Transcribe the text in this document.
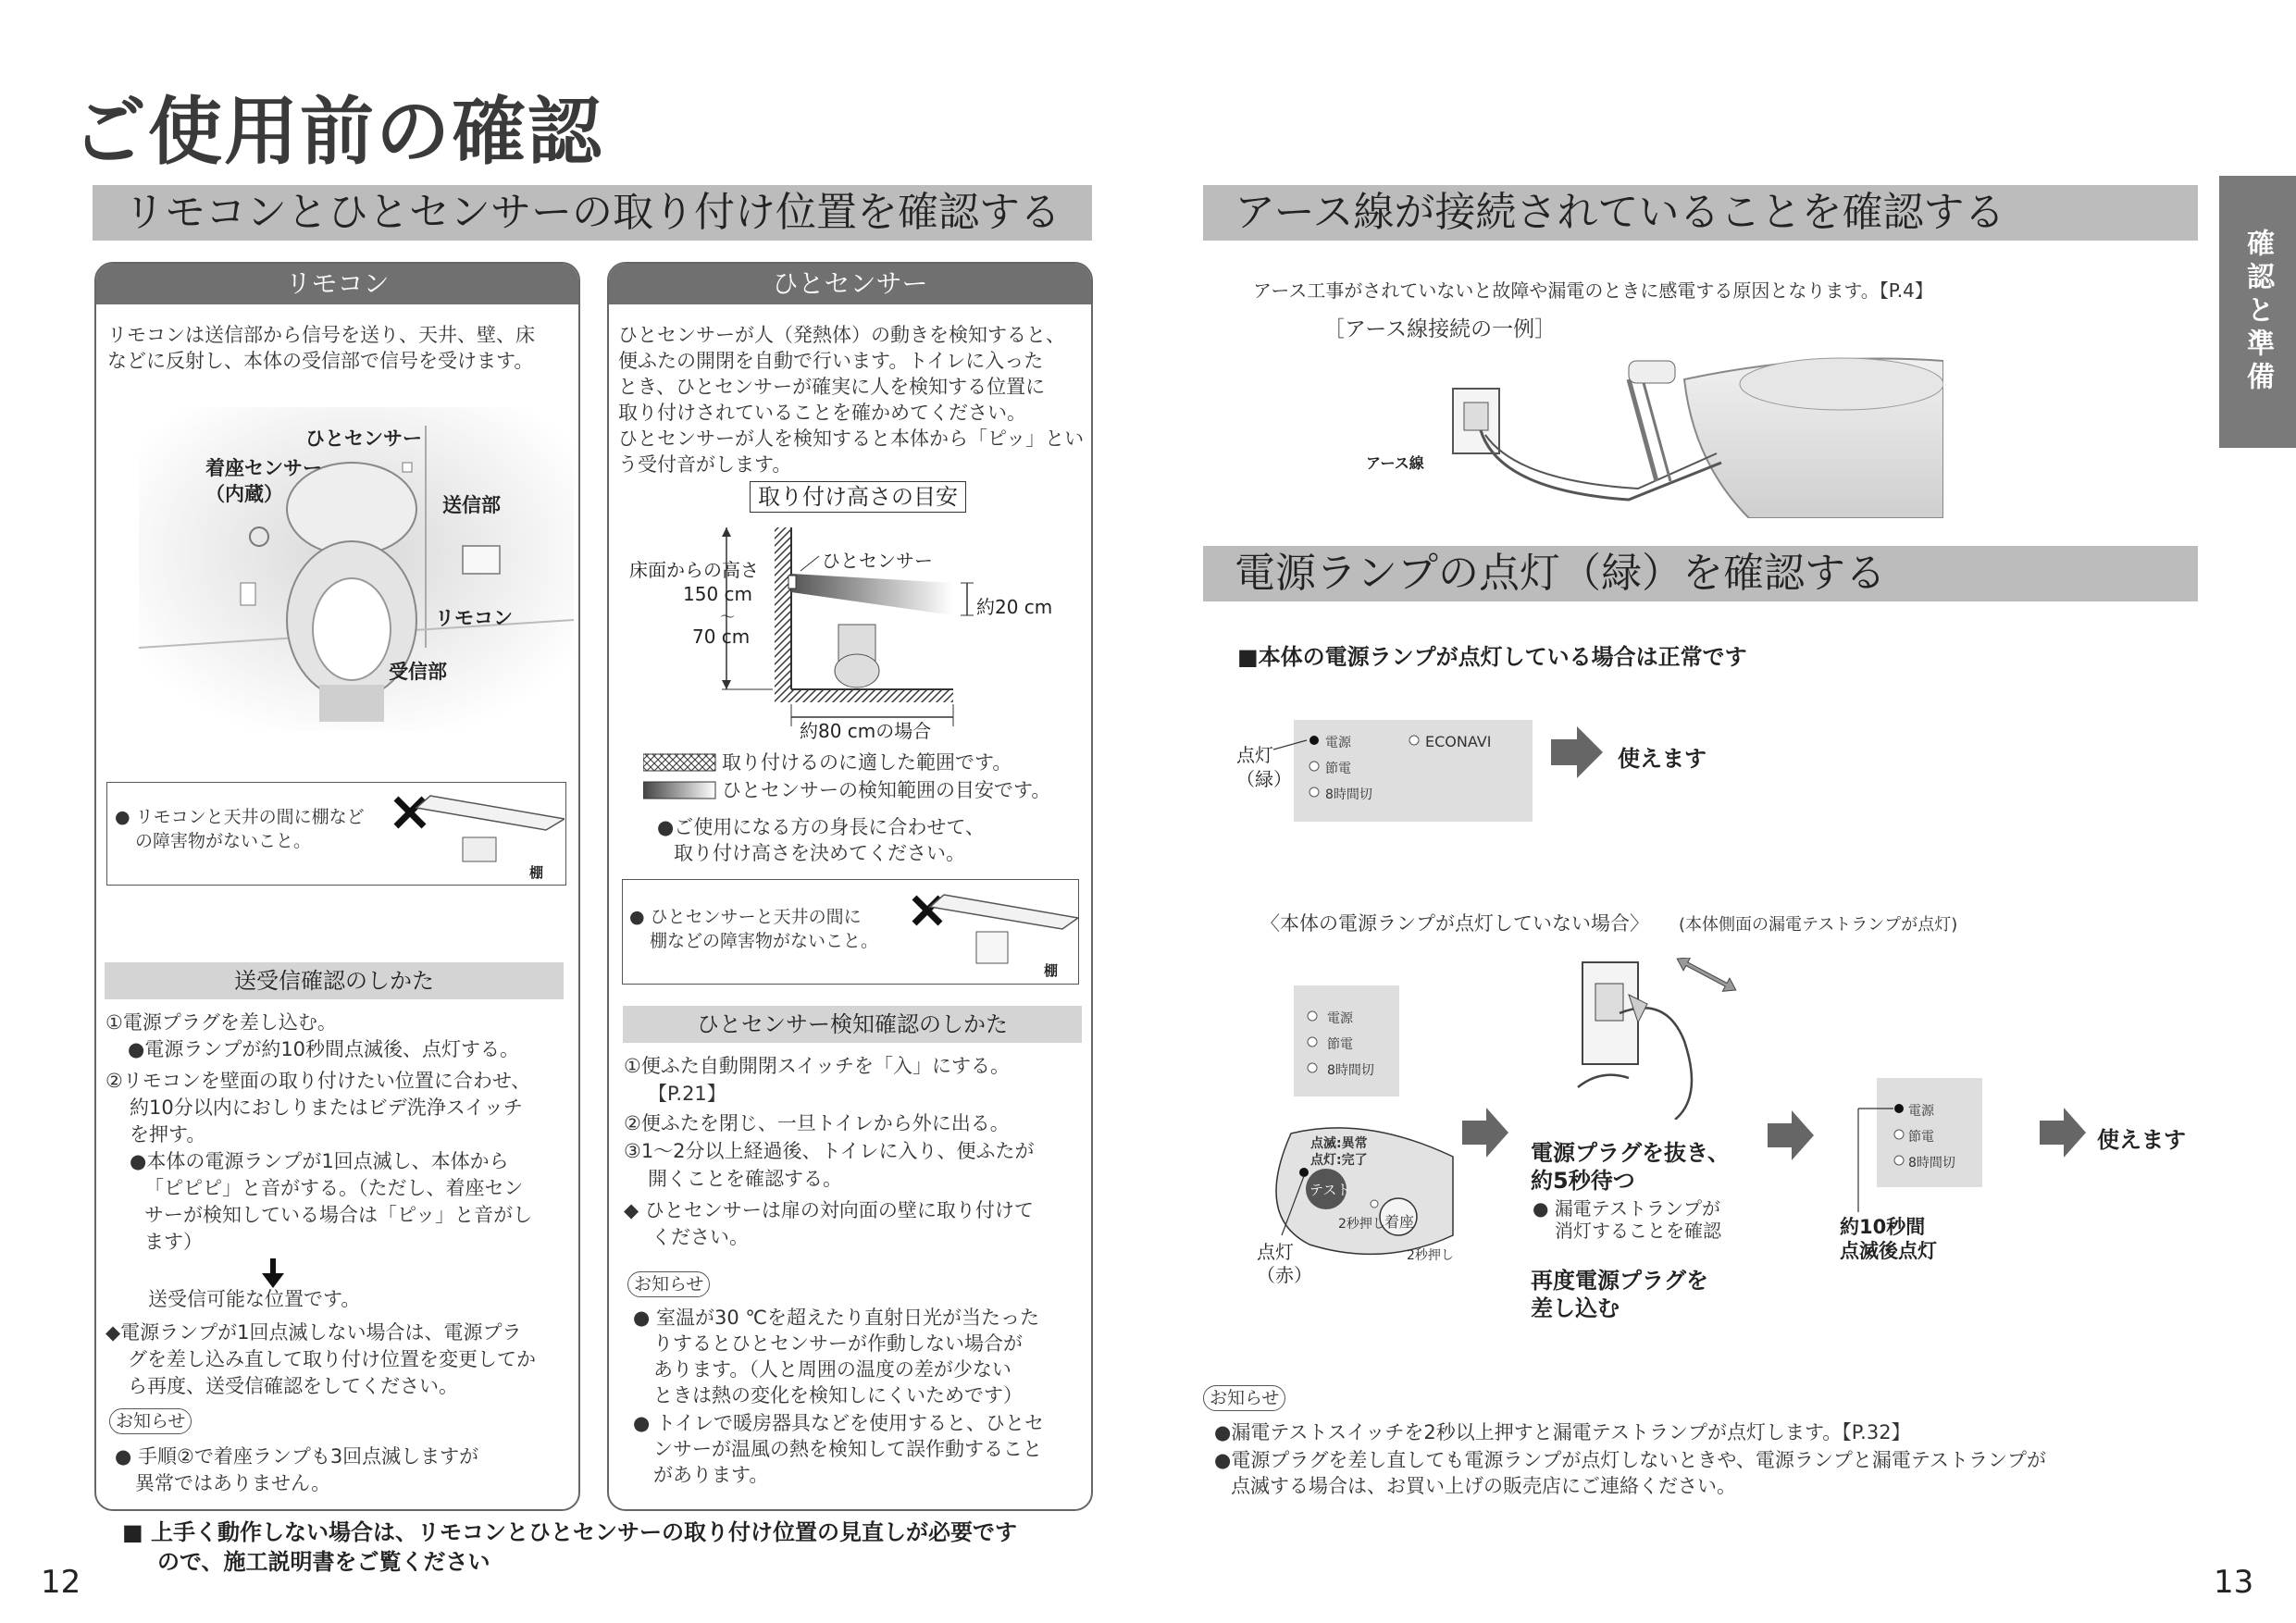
ご使用前の確認
確認と準備
リモコンとひとセンサーの取り付け位置を確認する
リモコン
リモコンは送信部から信号を送り、天井、壁、床
などに反射し、本体の受信部で信号を受けます。
ひとセンサー
着座センサー
（内蔵）	送信部
リモコン
受信部
● リモコンと天井の間に棚など
の障害物がないこと。
棚
送受信確認のしかた
①電源プラグを差し込む。
●電源ランプが約10秒間点滅後、点灯する。
②リモコンを壁面の取り付けたい位置に合わせ、
約10分以内におしりまたはビデ洗浄スイッチ
を押す。
●本体の電源ランプが1回点滅し、本体から
「ピピピ」と音がする。（ただし、着座セン
サーが検知している場合は「ピッ」と音がし
ます）
送受信可能な位置です。
◆電源ランプが1回点滅しない場合は、電源プラ
グを差し込み直して取り付け位置を変更してか
ら再度、送受信確認をしてください。
お知らせ
● 手順②で着座ランプも3回点滅しますが
異常ではありません。
ひとセンサー
ひとセンサーが人（発熱体）の動きを検知すると、
便ふたの開閉を自動で行います。トイレに入った
とき、ひとセンサーが確実に人を検知する位置に
取り付けされていることを確かめてください。
ひとセンサーが人を検知すると本体から「ピッ」とい
う受付音がします。
取り付け高さの目安
床面からの高さ
150 cm
〜
70 cm
ひとセンサー
約20 cm
約80 cmの場合
取り付けるのに適した範囲です。
ひとセンサーの検知範囲の目安です。
●ご使用になる方の身長に合わせて、
取り付け高さを決めてください。
● ひとセンサーと天井の間に
棚などの障害物がないこと。
棚
ひとセンサー検知確認のしかた
①便ふた自動開閉スイッチを「入」にする。
【P.21】
②便ふたを閉じ、一旦トイレから外に出る。
③1〜2分以上経過後、トイレに入り、便ふたが
開くことを確認する。
◆ ひとセンサーは扉の対向面の壁に取り付けて
ください。
お知らせ
● 室温が30 ℃を超えたり直射日光が当たった
りするとひとセンサーが作動しない場合が
あります。（人と周囲の温度の差が少ない
ときは熱の変化を検知しにくいためです）
● トイレで暖房器具などを使用すると、ひとセ
ンサーが温風の熱を検知して誤作動すること
があります。
■ 上手く動作しない場合は、リモコンとひとセンサーの取り付け位置の見直しが必要です
ので、施工説明書をご覧ください
12
アース線が接続されていることを確認する
アース工事がされていないと故障や漏電のときに感電する原因となります。【P.4】
［アース線接続の一例］
アース線
電源ランプの点灯（緑）を確認する
■本体の電源ランプが点灯している場合は正常です
点灯
（緑）
電源
節電
8時間切
ECONAVI
使えます
〈本体の電源ランプが点灯していない場合〉 (本体側面の漏電テストランプが点灯)
電源
節電
8時間切
点滅:異常
点灯:完了
テスト
2秒押し 着座
2秒押し
点灯
（赤）
電源プラグを抜き、
約5秒待つ
● 漏電テストランプが
消灯することを確認
再度電源プラグを
差し込む
電源
節電
8時間切
約10秒間
点滅後点灯
使えます
お知らせ
●漏電テストスイッチを2秒以上押すと漏電テストランプが点灯します。【P.32】
●電源プラグを差し直しても電源ランプが点灯しないときや、電源ランプと漏電テストランプが
点滅する場合は、お買い上げの販売店にご連絡ください。
13
